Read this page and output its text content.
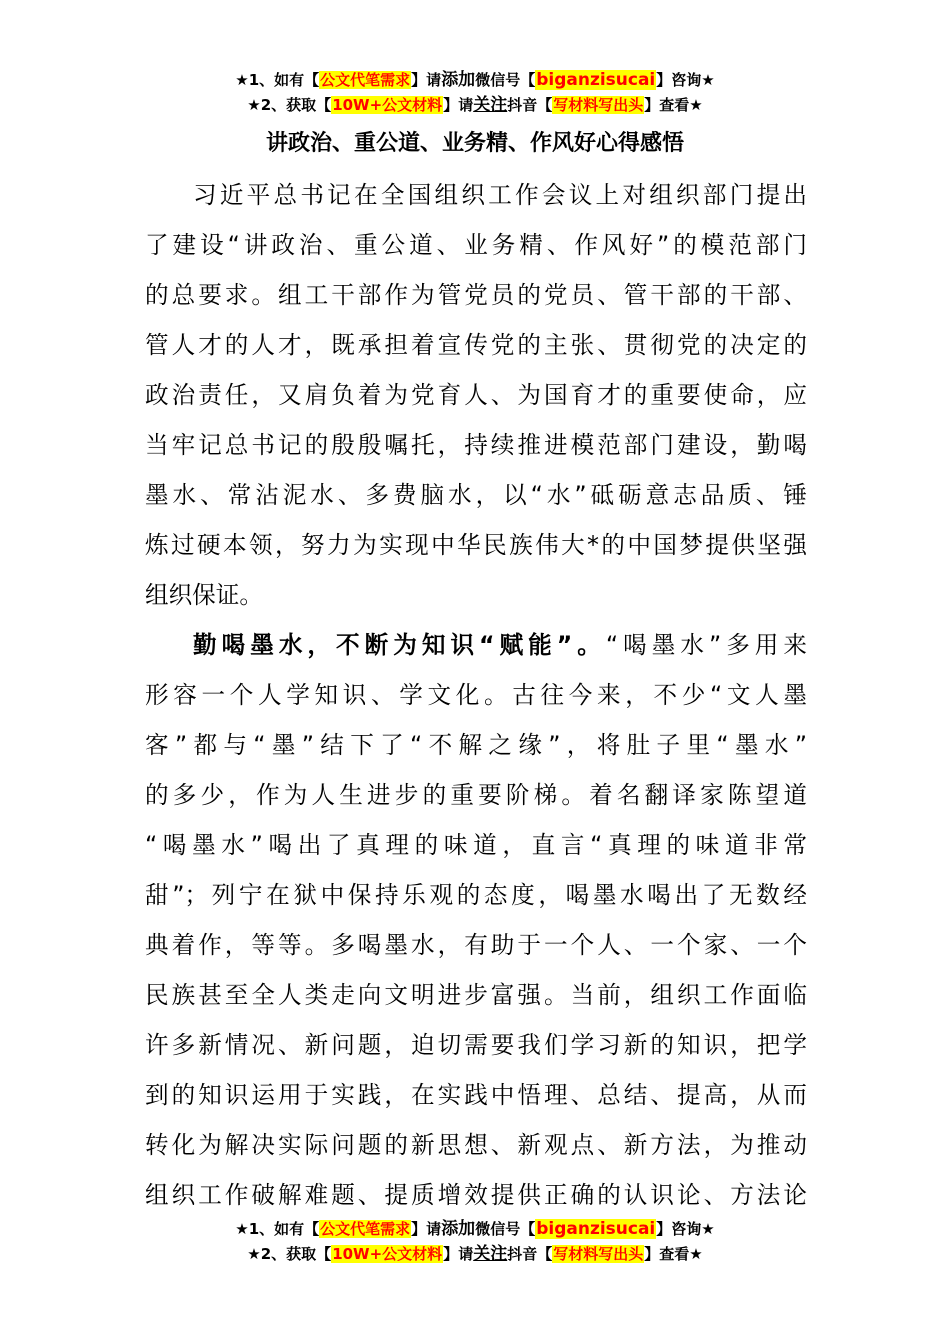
★1、如有【公文代笔需求】请添加微信号【biganzisucai】咨询★
★2、获取【10W+公文材料】请关注抖音【写材料写出头】查看★
讲政治、重公道、业务精、作风好心得感悟
习近平总书记在全国组织工作会议上对组织部门提出
了建设“讲政治、重公道、业务精、作风好”的模范部门
的总要求。组工干部作为管党员的党员、管干部的干部、
管人才的人才，既承担着宣传党的主张、贯彻党的决定的
政治责任，又肩负着为党育人、为国育才的重要使命，应
当牢记总书记的殷殷嘱托，持续推进模范部门建设，勤喝
墨水、常沾泥水、多费脑水，以“水”砥砺意志品质、锤
炼过硬本领，努力为实现中华民族伟大*的中国梦提供坚强
组织保证。
勤喝墨水，不断为知识“赋能”。“喝墨水”多用来
形容一个人学知识、学文化。古往今来，不少“文人墨
客”都与“墨”结下了“不解之缘”，将肚子里“墨水”
的多少，作为人生进步的重要阶梯。着名翻译家陈望道
“喝墨水”喝出了真理的味道，直言“真理的味道非常
甜”；列宁在狱中保持乐观的态度，喝墨水喝出了无数经
典着作，等等。多喝墨水，有助于一个人、一个家、一个
民族甚至全人类走向文明进步富强。当前，组织工作面临
许多新情况、新问题，迫切需要我们学习新的知识，把学
到的知识运用于实践，在实践中悟理、总结、提高，从而
转化为解决实际问题的新思想、新观点、新方法，为推动
组织工作破解难题、提质增效提供正确的认识论、方法论
★1、如有【公文代笔需求】请添加微信号【biganzisucai】咨询★
★2、获取【10W+公文材料】请关注抖音【写材料写出头】查看★
